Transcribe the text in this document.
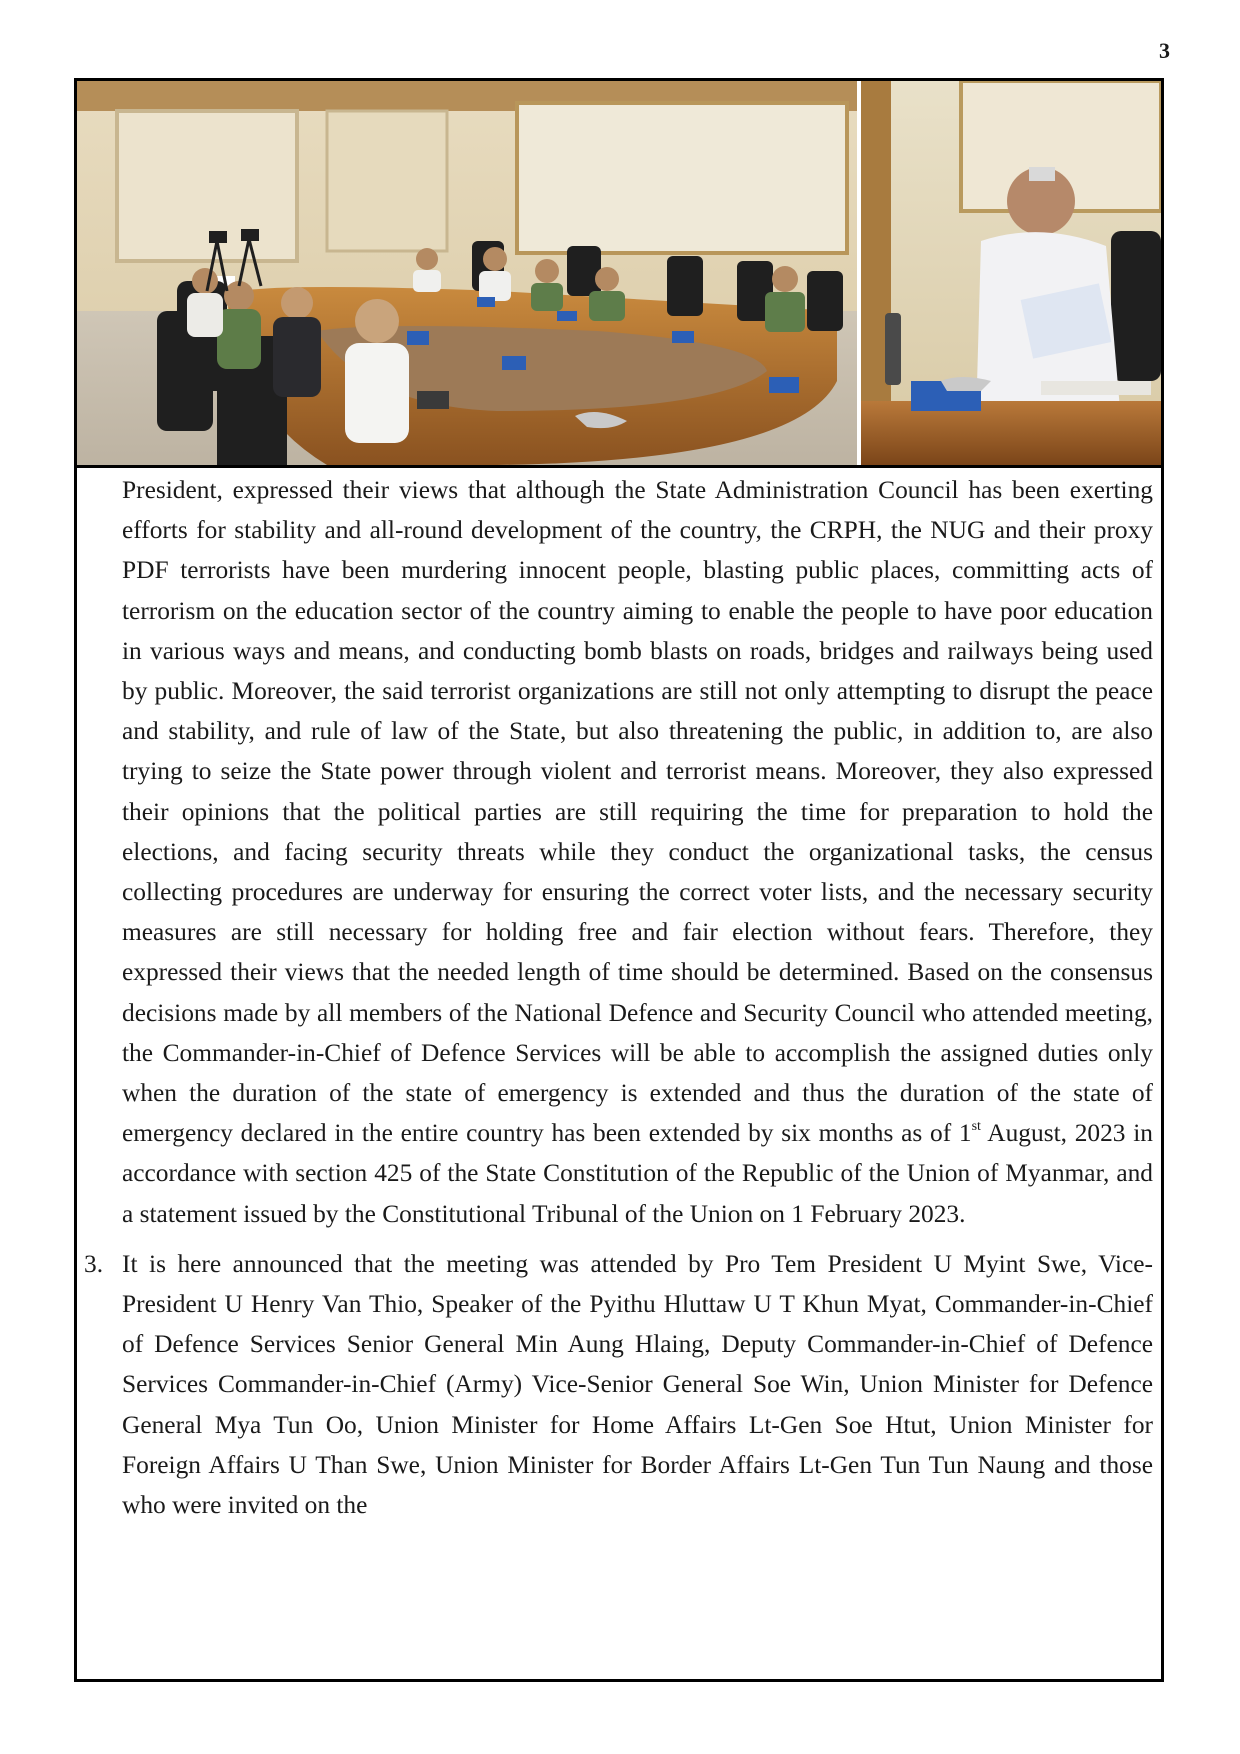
3

President, expressed their views that although the State Administration Council has been exerting efforts for stability and all-round development of the country, the CRPH, the NUG and their proxy PDF terrorists have been murdering innocent people, blasting public places, committing acts of terrorism on the education sector of the country aiming to enable the people to have poor education in various ways and means, and conducting bomb blasts on roads, bridges and railways being used by public. Moreover, the said terrorist organizations are still not only attempting to disrupt the peace and stability, and rule of law of the State, but also threatening the public, in addition to, are also trying to seize the State power through violent and terrorist means. Moreover, they also expressed their opinions that the political parties are still requiring the time for preparation to hold the elections, and facing security threats while they conduct the organizational tasks, the census collecting procedures are underway for ensuring the correct voter lists, and the necessary security measures are still necessary for holding free and fair election without fears. Therefore, they expressed their views that the needed length of time should be determined. Based on the consensus decisions made by all members of the National Defence and Security Council who attended meeting, the Commander-in-Chief of Defence Services will be able to accomplish the assigned duties only when the duration of the state of emergency is extended and thus the duration of the state of emergency declared in the entire country has been extended by six months as of 1st August, 2023 in accordance with section 425 of the State Constitution of the Republic of the Union of Myanmar, and a statement issued by the Constitutional Tribunal of the Union on 1 February 2023.

3. It is here announced that the meeting was attended by Pro Tem President U Myint Swe, Vice-President U Henry Van Thio, Speaker of the Pyithu Hluttaw U T Khun Myat, Commander-in-Chief of Defence Services Senior General Min Aung Hlaing, Deputy Commander-in-Chief of Defence Services Commander-in-Chief (Army) Vice-Senior General Soe Win, Union Minister for Defence General Mya Tun Oo, Union Minister for Home Affairs Lt-Gen Soe Htut, Union Minister for Foreign Affairs U Than Swe, Union Minister for Border Affairs Lt-Gen Tun Tun Naung and those who were invited on the
